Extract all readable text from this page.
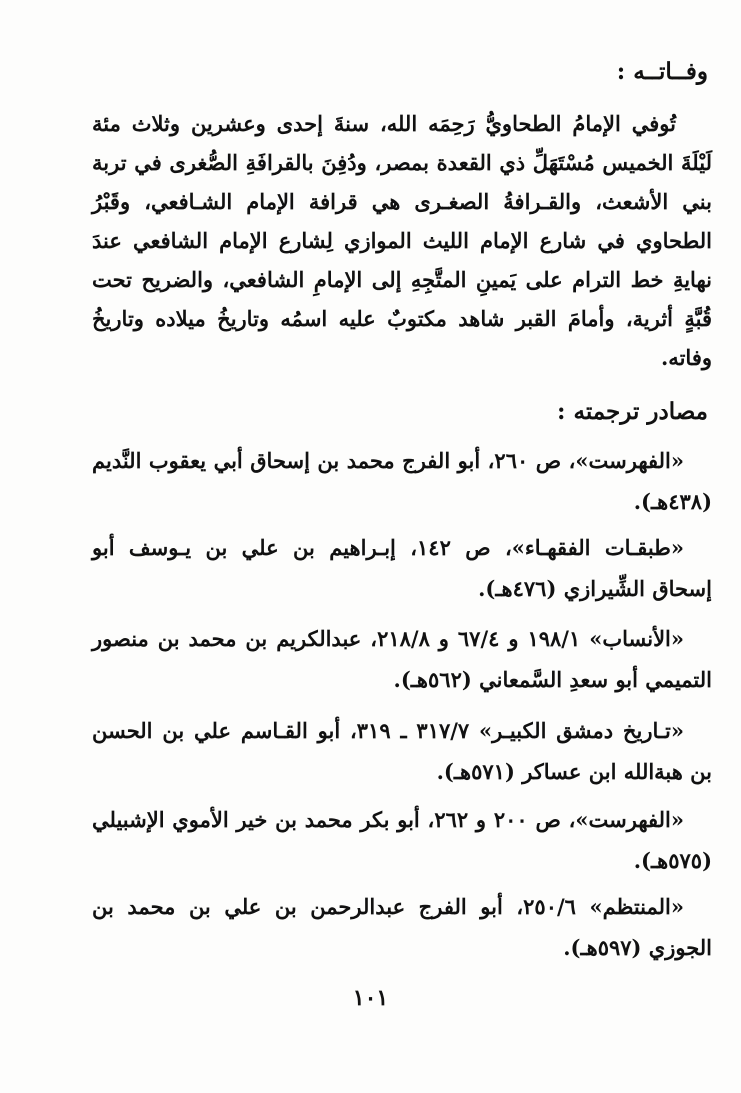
وفــاتــه :
تُوفي الإمامُ الطحاويُّ رَحِمَه الله، سنةَ إحدى وعشرين وثلاث مئة لَيْلَةَ الخميس مُسْتَهَلِّ ذي القعدة بمصر، ودُفِنَ بالقرافَةِ الصُّغرى في تربة بني الأشعث، والقـرافةُ الصغـرى هي قرافة الإمام الشـافعي، وقَبْرُ الطحاوي في شارع الإمام الليث الموازي لِشارع الإمام الشافعي عندَ نهايةِ خط الترام على يَمينِ المتَّجِهِ إلى الإمامِ الشافعي، والضريح تحت قُبَّةٍ أثرية، وأمامَ القبر شاهد مكتوبٌ عليه اسمُه وتاريخُ ميلاده وتاريخُ وفاته.
مصادر ترجمته :
«الفهرست»، ص ٢٦٠، أبو الفرج محمد بن إسحاق أبي يعقوب النَّديم (٤٣٨هـ).
«طبقـات الفقهـاء»، ص ١٤٢، إبـراهيم بن علي بن يـوسف أبو إسحاق الشِّيرازي (٤٧٦هـ).
«الأنساب» ١٩٨/١ و ٦٧/٤ و ٢١٨/٨، عبدالكريم بن محمد بن منصور التميمي أبو سعدِ السَّمعاني (٥٦٢هـ).
«تـاريخ دمشق الكبيـر» ٣١٧/٧ ـ ٣١٩، أبو القـاسم علي بن الحسن بن هبةالله ابن عساكر (٥٧١هـ).
«الفهرست»، ص ٢٠٠ و ٢٦٢، أبو بكر محمد بن خير الأموي الإشبيلي (٥٧٥هـ).
«المنتظم» ٢٥٠/٦، أبو الفرج عبدالرحمن بن علي بن محمد بن الجوزي (٥٩٧هـ).
١٠١
